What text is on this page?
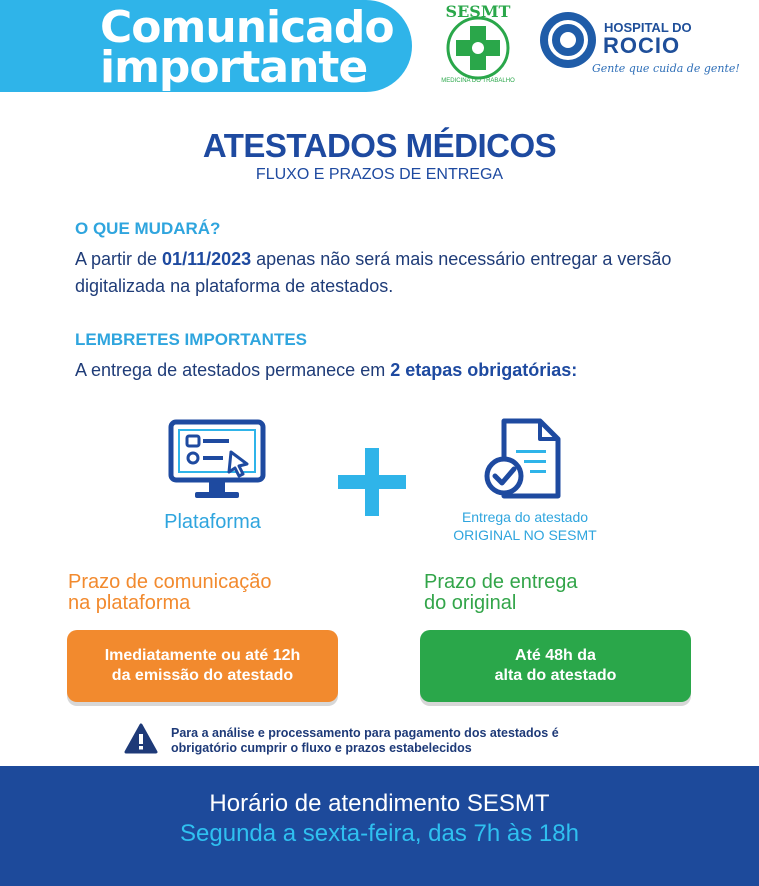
Comunicado
importante
SESMT
MEDICINA DO TRABALHO
HOSPITAL DO
ROCIO
Gente que cuida de gente!
ATESTADOS MÉDICOS
FLUXO E PRAZOS DE ENTREGA
O QUE MUDARÁ?
A partir de 01/11/2023 apenas não será mais necessário entregar a versão digitalizada na plataforma de atestados.
LEMBRETES IMPORTANTES
A entrega de atestados permanece em 2 etapas obrigatórias:
Plataforma	Entrega do atestado
ORIGINAL NO SESMT
Prazo de comunicação
na plataforma
Prazo de entrega
do original
Imediatamente ou até 12h
da emissão do atestado
Até 48h da
alta do atestado
Para a análise e processamento para pagamento dos atestados é
obrigatório cumprir o fluxo e prazos estabelecidos
Horário de atendimento SESMT
Segunda a sexta-feira, das 7h às 18h
